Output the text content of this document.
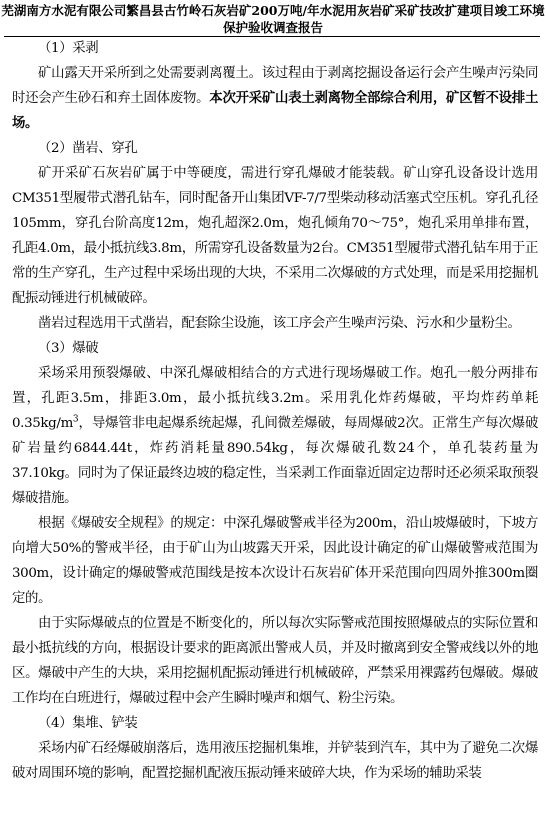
芜湖南方水泥有限公司繁昌县古竹岭石灰岩矿200万吨/年水泥用灰岩矿采矿技改扩建项目竣工环境
保护验收调查报告

（1）采剥

矿山露天开采所到之处需要剥离覆土。该过程由于剥离挖掘设备运行会产生噪声污染同时还会产生砂石和弃土固体废物。本次开采矿山表土剥离物全部综合利用，矿区暂不设排土场。

（2）凿岩、穿孔

矿开采矿石灰岩矿属于中等硬度，需进行穿孔爆破才能装载。矿山穿孔设备设计选用CM351型履带式潜孔钻车，同时配备开山集团VF-7/7型柴动移动活塞式空压机。穿孔孔径105mm，穿孔台阶高度12m，炮孔超深2.0m，炮孔倾角70～75°，炮孔采用单排布置，孔距4.0m，最小抵抗线3.8m，所需穿孔设备数量为2台。CM351型履带式潜孔钻车用于正常的生产穿孔，生产过程中采场出现的大块，不采用二次爆破的方式处理，而是采用挖掘机配振动锤进行机械破碎。

凿岩过程选用干式凿岩，配套除尘设施，该工序会产生噪声污染、污水和少量粉尘。

（3）爆破

采场采用预裂爆破、中深孔爆破相结合的方式进行现场爆破工作。炮孔一般分两排布置，孔距3.5m，排距3.0m，最小抵抗线3.2m。采用乳化炸药爆破，平均炸药单耗$0.35kg/m^3$，导爆管非电起爆系统起爆，孔间微差爆破，每周爆破2次。正常生产每次爆破矿岩量约6844.44t，炸药消耗量890.54kg，每次爆破孔数24个，单孔装药量为37.10kg。同时为了保证最终边坡的稳定性，当采剥工作面靠近固定边帮时还必须采取预裂爆破措施。

根据《爆破安全规程》的规定：中深孔爆破警戒半径为200m，沿山坡爆破时，下坡方向增大50%的警戒半径，由于矿山为山坡露天开采，因此设计确定的矿山爆破警戒范围为300m，设计确定的爆破警戒范围线是按本次设计石灰岩矿体开采范围向四周外推300m圈定的。

由于实际爆破点的位置是不断变化的，所以每次实际警戒范围按照爆破点的实际位置和最小抵抗线的方向，根据设计要求的距离派出警戒人员，并及时撤离到安全警戒线以外的地区。爆破中产生的大块，采用挖掘机配振动锤进行机械破碎，严禁采用裸露药包爆破。爆破工作均在白班进行，爆破过程中会产生瞬时噪声和烟气、粉尘污染。

（4）集堆、铲装

采场内矿石经爆破崩落后，选用液压挖掘机集堆，并铲装到汽车，其中为了避免二次爆破对周围环境的影响，配置挖掘机配液压振动锤来破碎大块，作为采场的辅助采装
